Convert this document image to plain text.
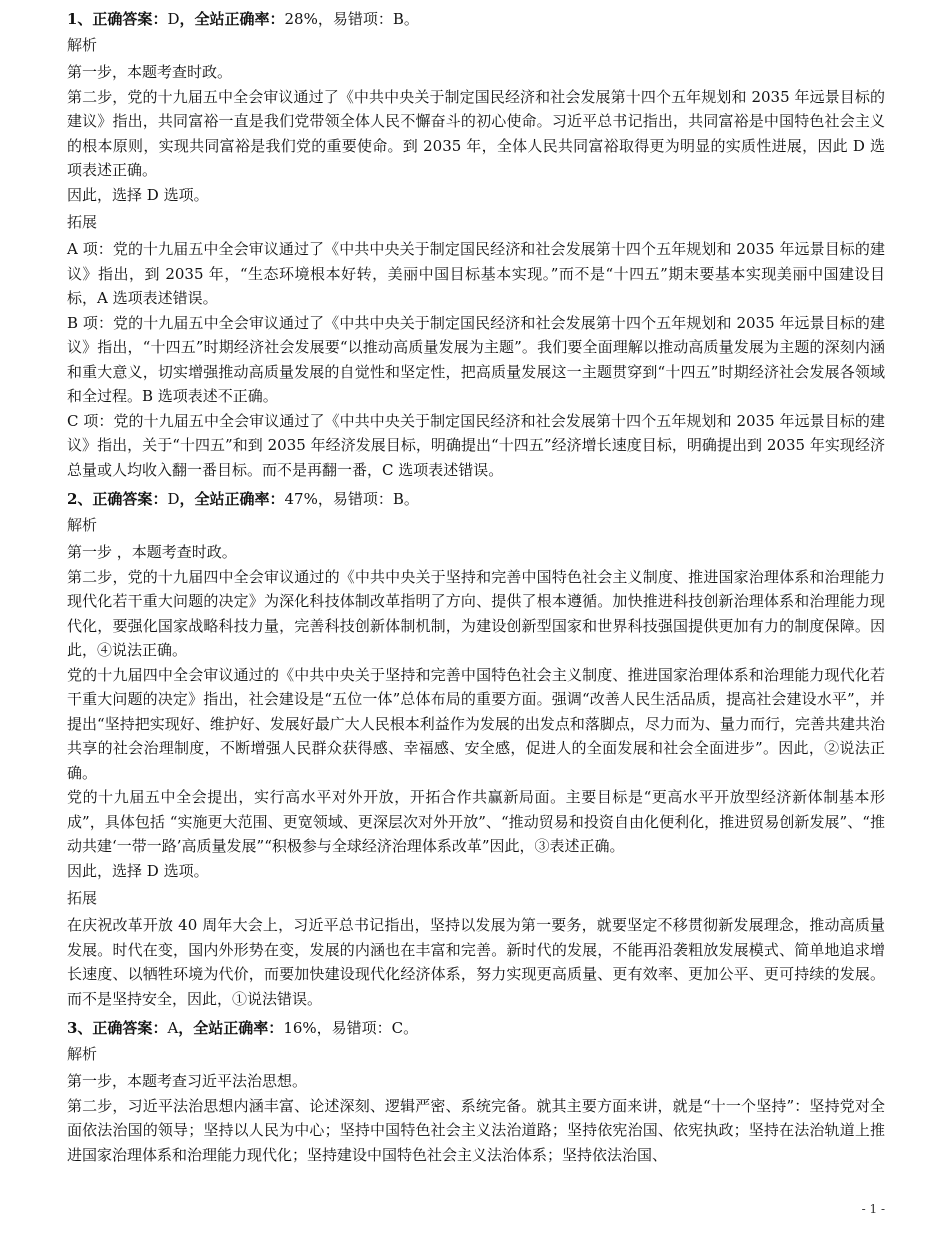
1、正确答案：D，全站正确率：28%，易错项：B。
解析

第一步，本题考查时政。

第二步，党的十九届五中全会审议通过了《中共中央关于制定国民经济和社会发展第十四个五年规划和 2035 年远景目标的建议》指出，共同富裕一直是我们党带领全体人民不懈奋斗的初心使命。习近平总书记指出，共同富裕是中国特色社会主义的根本原则，实现共同富裕是我们党的重要使命。到 2035 年，全体人民共同富裕取得更为明显的实质性进展，因此 D 选项表述正确。

因此，选择 D 选项。

拓展

A 项：党的十九届五中全会审议通过了《中共中央关于制定国民经济和社会发展第十四个五年规划和 2035 年远景目标的建议》指出，到 2035 年，“生态环境根本好转，美丽中国目标基本实现。”而不是“十四五”期末要基本实现美丽中国建设目标，A 选项表述错误。

B 项：党的十九届五中全会审议通过了《中共中央关于制定国民经济和社会发展第十四个五年规划和 2035 年远景目标的建议》指出，“十四五”时期经济社会发展要“以推动高质量发展为主题”。我们要全面理解以推动高质量发展为主题的深刻内涵和重大意义，切实增强推动高质量发展的自觉性和坚定性，把高质量发展这一主题贯穿到“十四五”时期经济社会发展各领域和全过程。B 选项表述不正确。

C 项：党的十九届五中全会审议通过了《中共中央关于制定国民经济和社会发展第十四个五年规划和 2035 年远景目标的建议》指出，关于“十四五”和到 2035 年经济发展目标，明确提出“十四五”经济增长速度目标，明确提出到 2035 年实现经济总量或人均收入翻一番目标。而不是再翻一番，C 选项表述错误。

2、正确答案：D，全站正确率：47%，易错项：B。
解析

第一步 ，本题考查时政。

第二步，党的十九届四中全会审议通过的《中共中央关于坚持和完善中国特色社会主义制度、推进国家治理体系和治理能力现代化若干重大问题的决定》为深化科技体制改革指明了方向、提供了根本遵循。加快推进科技创新治理体系和治理能力现代化，要强化国家战略科技力量，完善科技创新体制机制，为建设创新型国家和世界科技强国提供更加有力的制度保障。因此，④说法正确。

党的十九届四中全会审议通过的《中共中央关于坚持和完善中国特色社会主义制度、推进国家治理体系和治理能力现代化若干重大问题的决定》指出，社会建设是“五位一体”总体布局的重要方面。强调“改善人民生活品质，提高社会建设水平”，并提出“坚持把实现好、维护好、发展好最广大人民根本利益作为发展的出发点和落脚点，尽力而为、量力而行，完善共建共治共享的社会治理制度，不断增强人民群众获得感、幸福感、安全感，促进人的全面发展和社会全面进步”。因此，②说法正确。

党的十九届五中全会提出，实行高水平对外开放，开拓合作共赢新局面。主要目标是“更高水平开放型经济新体制基本形成”，具体包括 “实施更大范围、更宽领域、更深层次对外开放”、“推动贸易和投资自由化便利化，推进贸易创新发展”、“推动共建‘一带一路’高质量发展”“积极参与全球经济治理体系改革”因此，③表述正确。

因此，选择 D 选项。

拓展

在庆祝改革开放 40 周年大会上，习近平总书记指出，坚持以发展为第一要务，就要坚定不移贯彻新发展理念，推动高质量发展。时代在变，国内外形势在变，发展的内涵也在丰富和完善。新时代的发展，不能再沿袭粗放发展模式、简单地追求增长速度、以牺牲环境为代价，而要加快建设现代化经济体系，努力实现更高质量、更有效率、更加公平、更可持续的发展。而不是坚持安全，因此，①说法错误。

3、正确答案：A，全站正确率：16%，易错项：C。
解析

第一步，本题考查习近平法治思想。

第二步，习近平法治思想内涵丰富、论述深刻、逻辑严密、系统完备。就其主要方面来讲，就是“十一个坚持”：坚持党对全面依法治国的领导；坚持以人民为中心；坚持中国特色社会主义法治道路；坚持依宪治国、依宪执政；坚持在法治轨道上推进国家治理体系和治理能力现代化；坚持建设中国特色社会主义法治体系；坚持依法治国、

- 1 -
